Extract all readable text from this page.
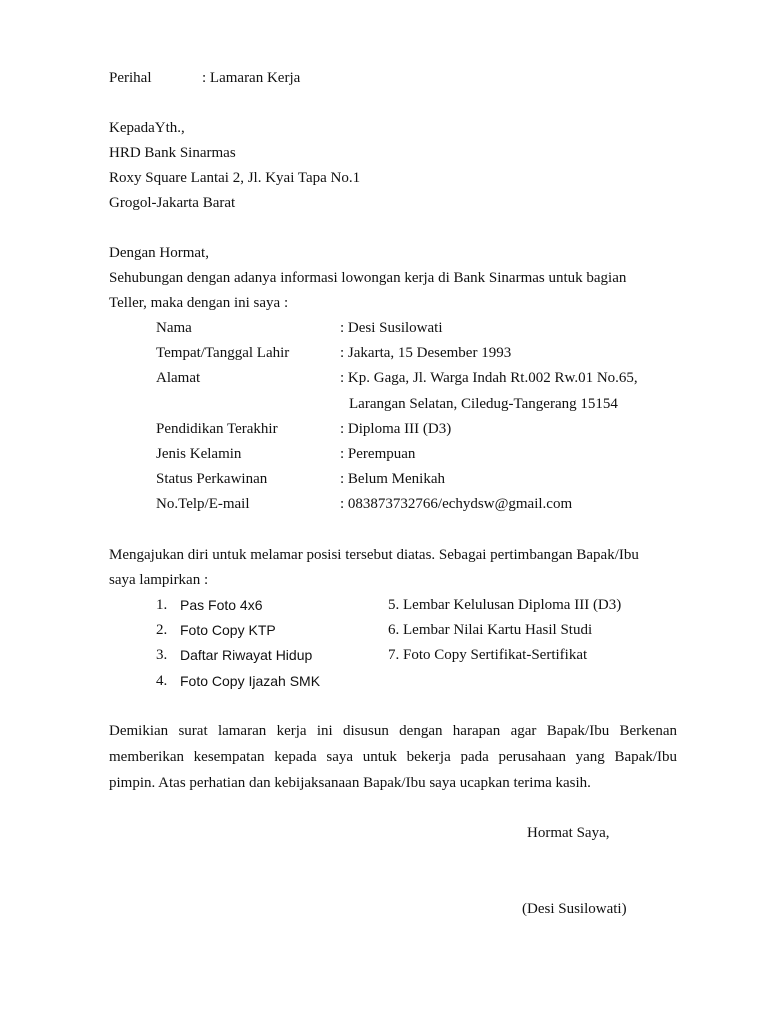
Perihal	: Lamaran Kerja
KepadaYth.,
HRD Bank Sinarmas
Roxy Square Lantai 2, Jl. Kyai Tapa No.1
Grogol-Jakarta Barat
Dengan Hormat,
Sehubungan dengan adanya informasi lowongan kerja di Bank Sinarmas untuk bagian
Teller, maka dengan ini saya :
Nama	: Desi Susilowati
Tempat/Tanggal Lahir	: Jakarta, 15 Desember 1993
Alamat	: Kp. Gaga, Jl. Warga Indah Rt.002 Rw.01 No.65,
Larangan Selatan, Ciledug-Tangerang 15154
Pendidikan Terakhir	: Diploma III (D3)
Jenis Kelamin	: Perempuan
Status Perkawinan	: Belum Menikah
No.Telp/E-mail	: 083873732766/echydsw@gmail.com
Mengajukan diri untuk melamar posisi tersebut diatas. Sebagai pertimbangan Bapak/Ibu
saya lampirkan :
1. Pas Foto 4x6
2. Foto Copy KTP
3. Daftar Riwayat Hidup
4. Foto Copy Ijazah SMK
5. Lembar Kelulusan Diploma III (D3)
6. Lembar Nilai Kartu Hasil Studi
7. Foto Copy Sertifikat-Sertifikat
Demikian surat lamaran kerja ini disusun dengan harapan agar Bapak/Ibu Berkenan
memberikan kesempatan kepada saya untuk bekerja pada perusahaan yang Bapak/Ibu
pimpin. Atas perhatian dan kebijaksanaan Bapak/Ibu saya ucapkan terima kasih.
Hormat Saya,
(Desi Susilowati)
